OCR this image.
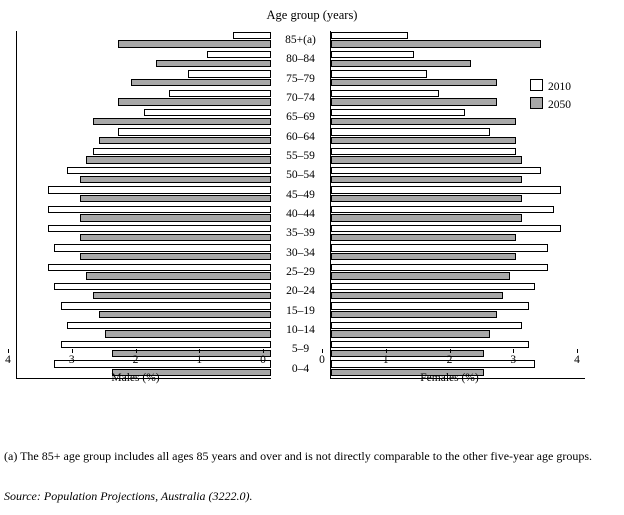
Age group (years)
85+(a)
80–84
75–79
70–74
65–69
60–64
55–59
50–54
45–49
40–44
35–39
30–34
25–29
20–24
15–19
10–14
5–9
0–4
4	3	2	1	0	0	1	2	3	4
Males (%)	Females (%)
2010
2050
(a) The 85+ age group includes all ages 85 years and over and is not directly comparable to the other five-year age groups.
Source: Population Projections, Australia (3222.0).
